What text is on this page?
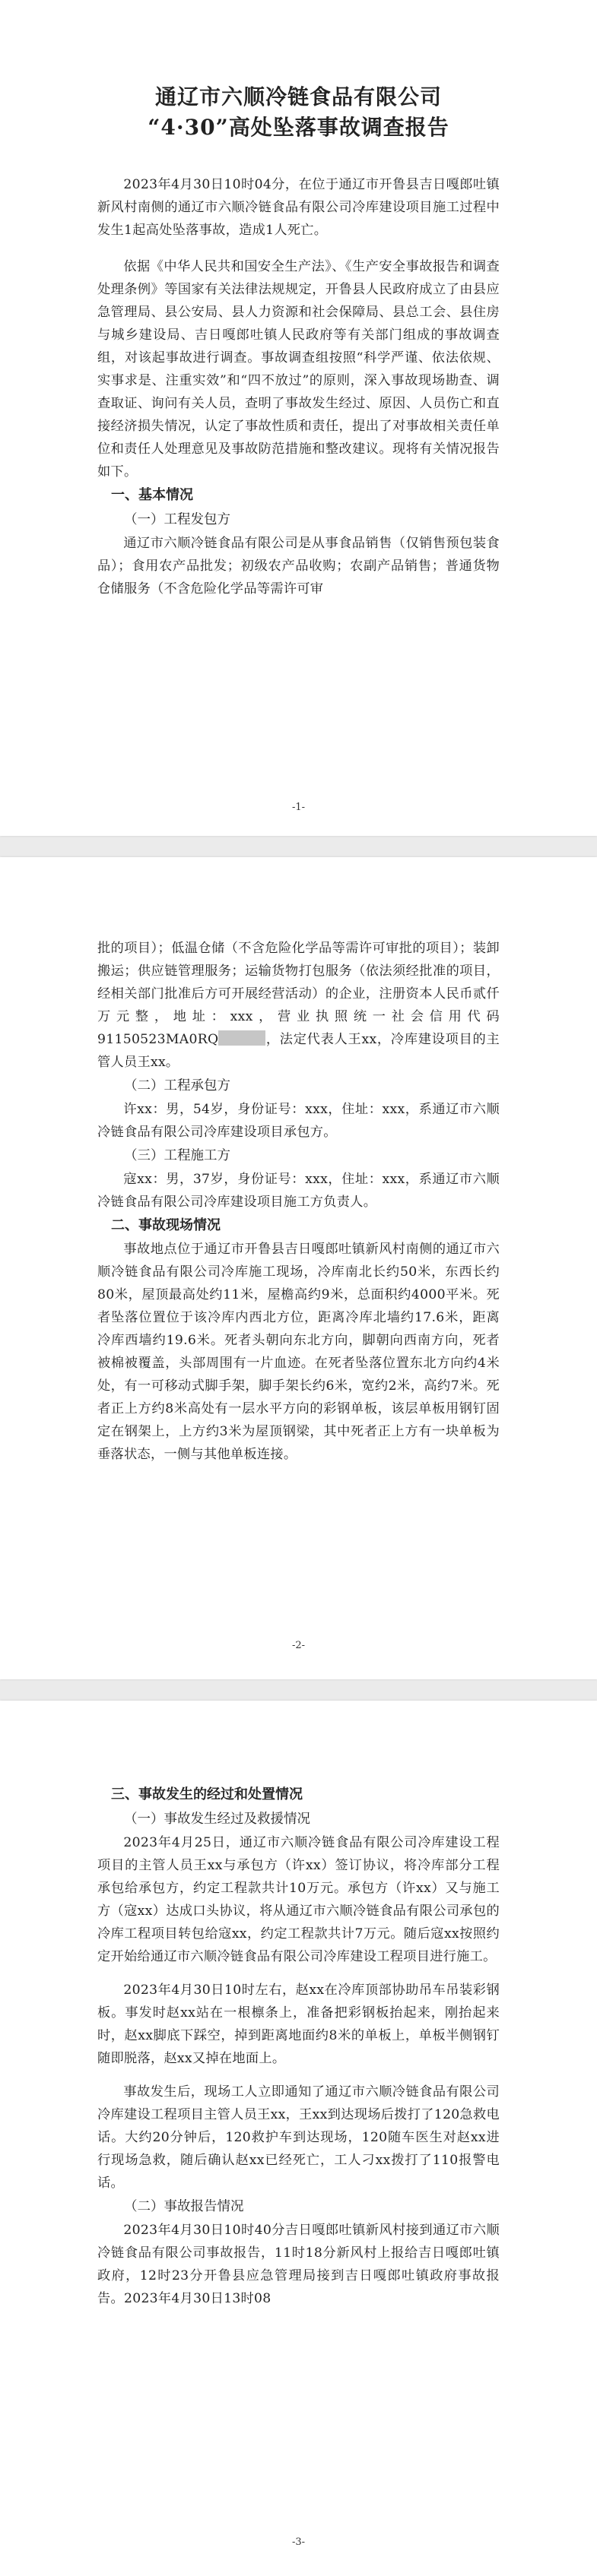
通辽市六顺冷链食品有限公司
“4·30”高处坠落事故调查报告

2023年4月30日10时04分，在位于通辽市开鲁县吉日嘎郎吐镇新风村南侧的通辽市六顺冷链食品有限公司冷库建设项目施工过程中发生1起高处坠落事故，造成1人死亡。

依据《中华人民共和国安全生产法》、《生产安全事故报告和调查处理条例》等国家有关法律法规规定，开鲁县人民政府成立了由县应急管理局、县公安局、县人力资源和社会保障局、县总工会、县住房与城乡建设局、吉日嘎郎吐镇人民政府等有关部门组成的事故调查组，对该起事故进行调查。事故调查组按照“科学严谨、依法依规、实事求是、注重实效”和“四不放过”的原则，深入事故现场勘查、调查取证、询问有关人员，查明了事故发生经过、原因、人员伤亡和直接经济损失情况，认定了事故性质和责任，提出了对事故相关责任单位和责任人处理意见及事故防范措施和整改建议。现将有关情况报告如下。

一、基本情况
（一）工程发包方

通辽市六顺冷链食品有限公司是从事食品销售（仅销售预包装食品）；食用农产品批发；初级农产品收购；农副产品销售；普通货物仓储服务（不含危险化学品等需许可审

-1-

批的项目）；低温仓储（不含危险化学品等需许可审批的项目）；装卸搬运；供应链管理服务；运输货物打包服务（依法须经批准的项目，经相关部门批准后方可开展经营活动）的企业，注册资本人民币贰仟万元整，地址：xxx，营业执照统一社会信用代码91150523MA0RQ	，法定代表人王xx，冷库建设项目的主管人员王xx。

（二）工程承包方

许xx：男，54岁，身份证号：xxx，住址：xxx，系通辽市六顺冷链食品有限公司冷库建设项目承包方。

（三）工程施工方

寇xx：男，37岁，身份证号：xxx，住址：xxx，系通辽市六顺冷链食品有限公司冷库建设项目施工方负责人。

二、事故现场情况

事故地点位于通辽市开鲁县吉日嘎郎吐镇新风村南侧的通辽市六顺冷链食品有限公司冷库施工现场，冷库南北长约50米，东西长约80米，屋顶最高处约11米，屋檐高约9米，总面积约4000平米。死者坠落位置位于该冷库内西北方位，距离冷库北墙约17.6米，距离冷库西墙约19.6米。死者头朝向东北方向，脚朝向西南方向，死者被棉被覆盖，头部周围有一片血迹。在死者坠落位置东北方向约4米处，有一可移动式脚手架，脚手架长约6米，宽约2米，高约7米。死者正上方约8米高处有一层水平方向的彩钢单板，该层单板用钢钉固定在钢架上，上方约3米为屋顶钢梁，其中死者正上方有一块单板为垂落状态，一侧与其他单板连接。

-2-
三、事故发生的经过和处置情况
（一）事故发生经过及救援情况

2023年4月25日，通辽市六顺冷链食品有限公司冷库建设工程项目的主管人员王xx与承包方（许xx）签订协议，将冷库部分工程承包给承包方，约定工程款共计10万元。承包方（许xx）又与施工方（寇xx）达成口头协议，将从通辽市六顺冷链食品有限公司承包的冷库工程项目转包给寇xx，约定工程款共计7万元。随后寇xx按照约定开始给通辽市六顺冷链食品有限公司冷库建设工程项目进行施工。

2023年4月30日10时左右，赵xx在冷库顶部协助吊车吊装彩钢板。事发时赵xx站在一根檩条上，准备把彩钢板抬起来，刚抬起来时，赵xx脚底下踩空，掉到距离地面约8米的单板上，单板半侧钢钉随即脱落，赵xx又掉在地面上。

事故发生后，现场工人立即通知了通辽市六顺冷链食品有限公司冷库建设工程项目主管人员王xx，王xx到达现场后拨打了120急救电话。大约20分钟后，120救护车到达现场，120随车医生对赵xx进行现场急救，随后确认赵xx已经死亡，工人刁xx拨打了110报警电话。

（二）事故报告情况

2023年4月30日10时40分吉日嘎郎吐镇新风村接到通辽市六顺冷链食品有限公司事故报告，11时18分新风村上报给吉日嘎郎吐镇政府，12时23分开鲁县应急管理局接到吉日嘎郎吐镇政府事故报告。2023年4月30日13时08

-3-
